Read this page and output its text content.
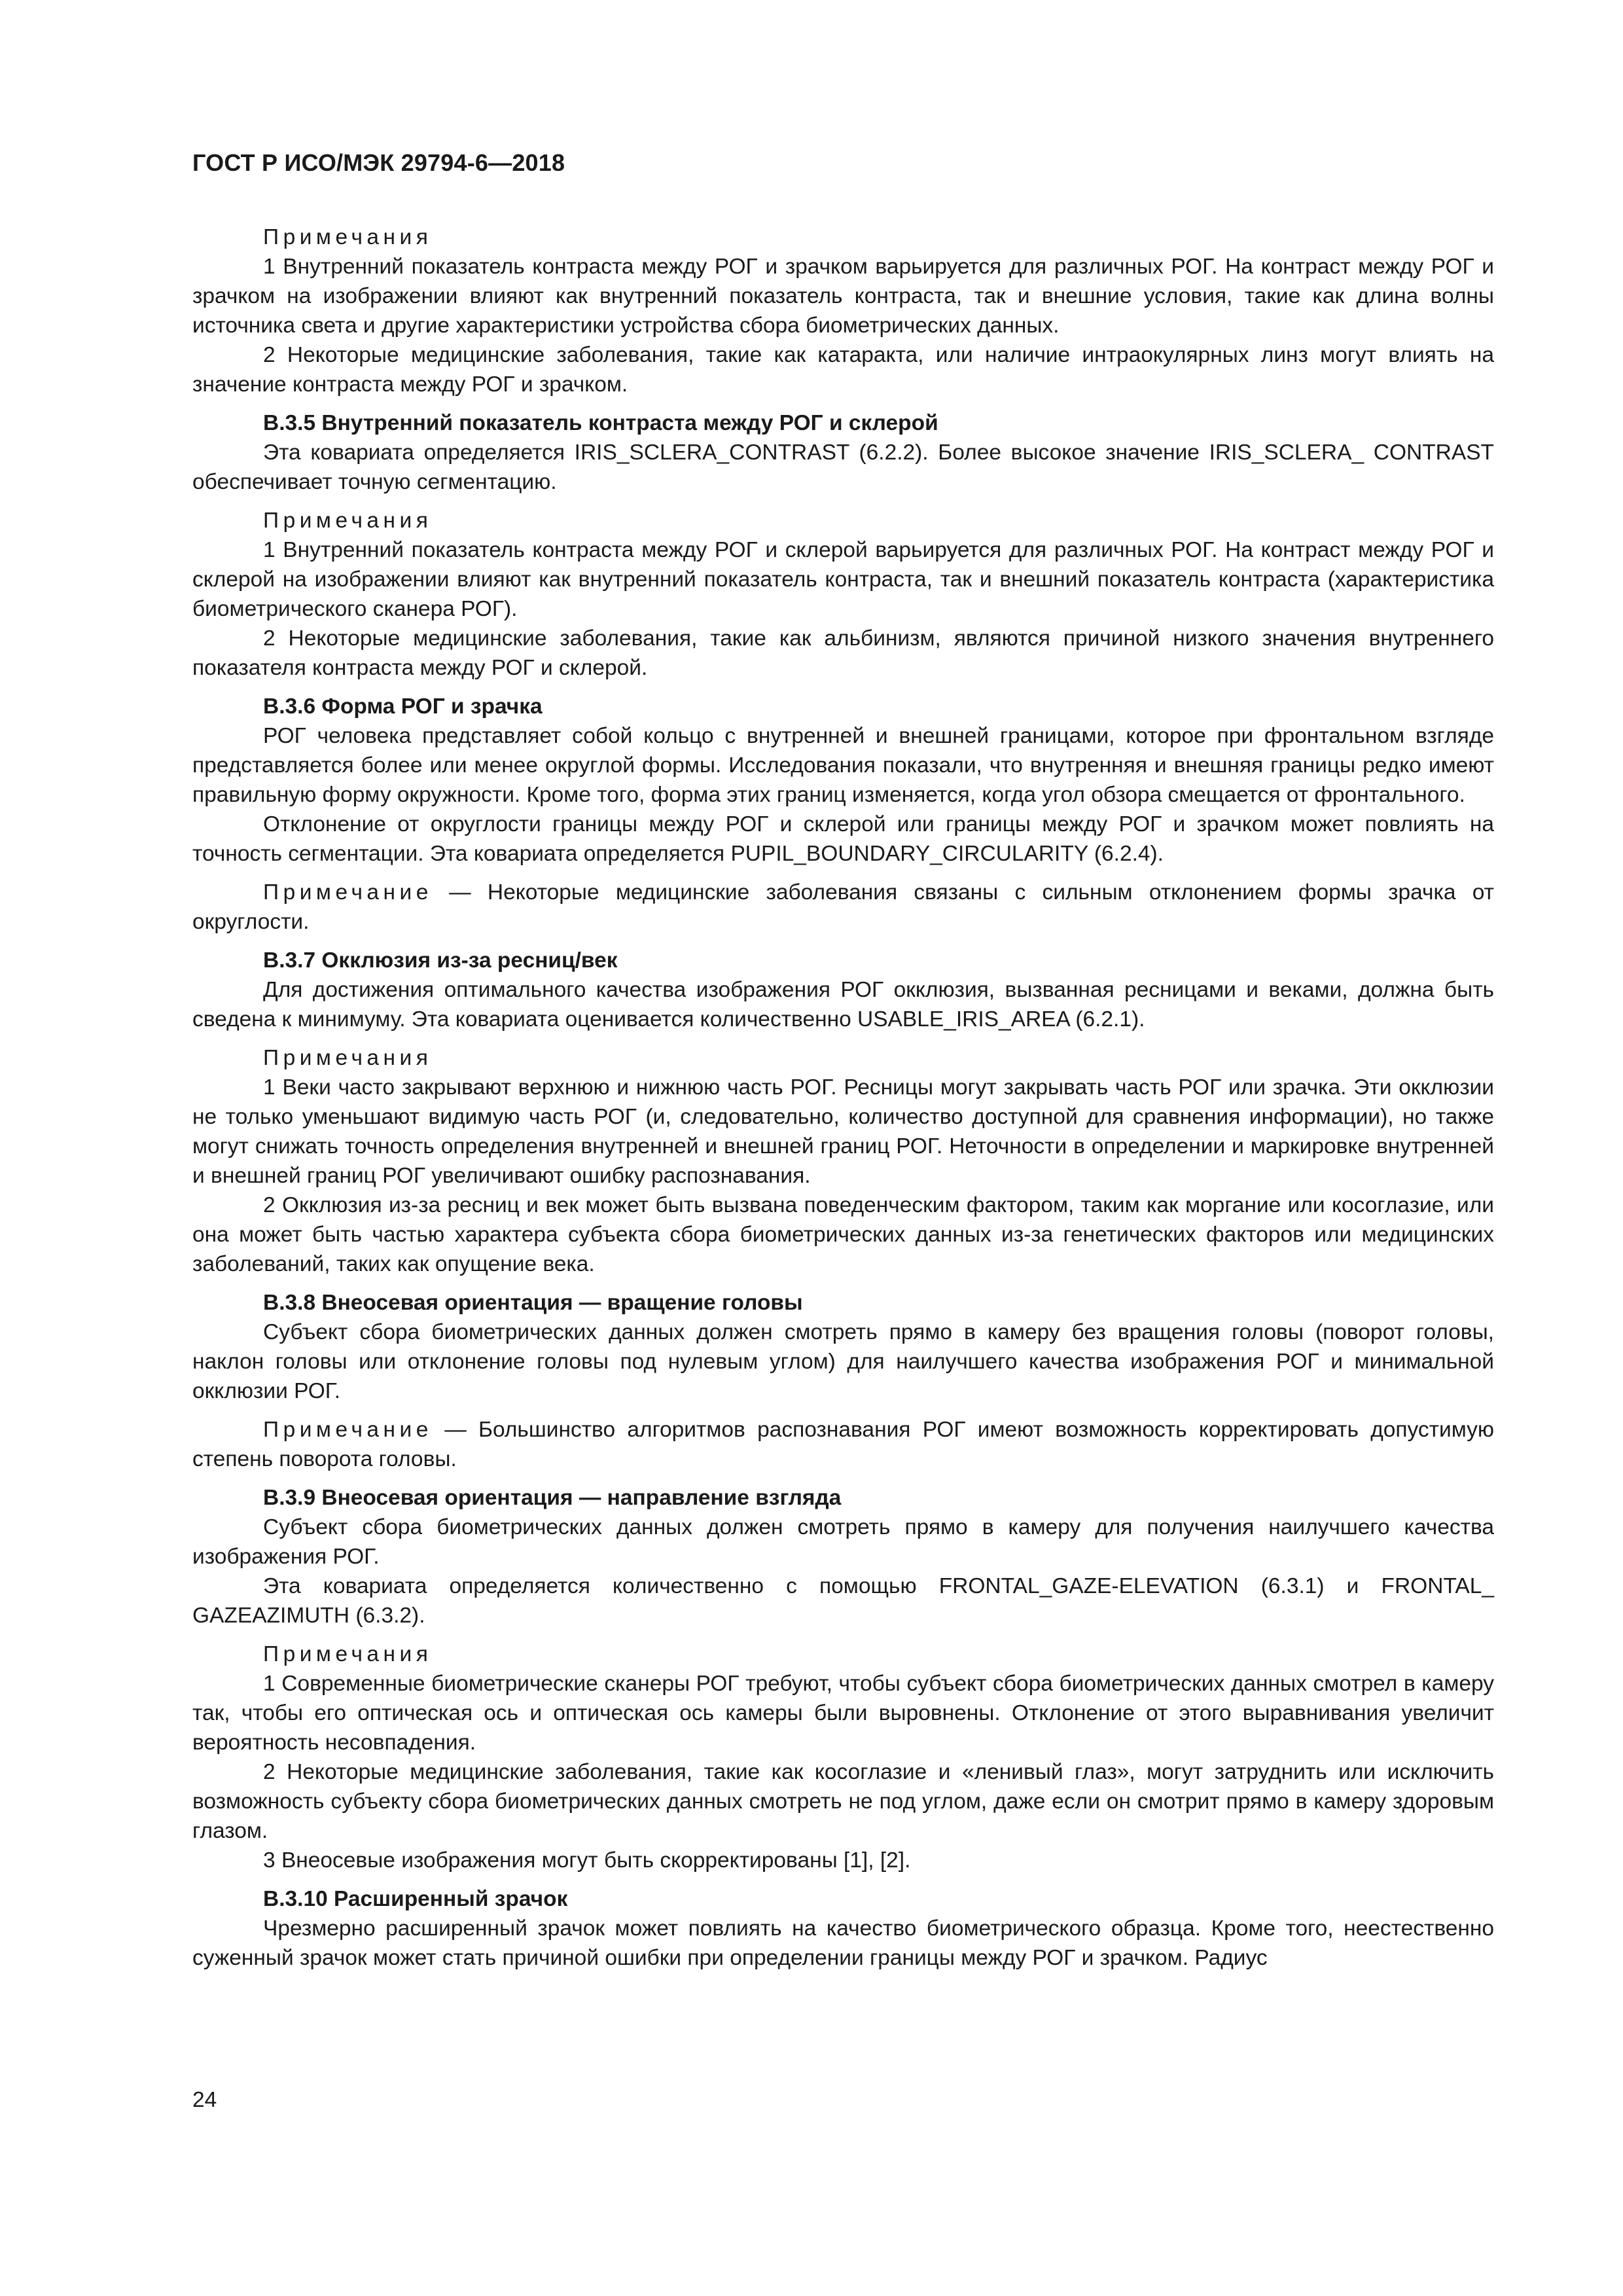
ГОСТ Р ИСО/МЭК 29794-6—2018

Примечания

1 Внутренний показатель контраста между РОГ и зрачком варьируется для различных РОГ. На контраст между РОГ и зрачком на изображении влияют как внутренний показатель контраста, так и внешние условия, такие как длина волны источника света и другие характеристики устройства сбора биометрических данных.

2 Некоторые медицинские заболевания, такие как катаракта, или наличие интраокулярных линз могут влиять на значение контраста между РОГ и зрачком.

В.3.5 Внутренний показатель контраста между РОГ и склерой

Эта ковариата определяется IRIS_SCLERA_CONTRAST (6.2.2). Более высокое значение IRIS_SCLERA_ CONTRAST обеспечивает точную сегментацию.

Примечания

1 Внутренний показатель контраста между РОГ и склерой варьируется для различных РОГ. На контраст между РОГ и склерой на изображении влияют как внутренний показатель контраста, так и внешний показатель контраста (характеристика биометрического сканера РОГ).

2 Некоторые медицинские заболевания, такие как альбинизм, являются причиной низкого значения внутреннего показателя контраста между РОГ и склерой.

В.3.6 Форма РОГ и зрачка

РОГ человека представляет собой кольцо с внутренней и внешней границами, которое при фронтальном взгляде представляется более или менее округлой формы. Исследования показали, что внутренняя и внешняя границы редко имеют правильную форму окружности. Кроме того, форма этих границ изменяется, когда угол обзора смещается от фронтального.

Отклонение от округлости границы между РОГ и склерой или границы между РОГ и зрачком может повлиять на точность сегментации. Эта ковариата определяется PUPIL_BOUNDARY_CIRCULARITY (6.2.4).

Примечание — Некоторые медицинские заболевания связаны с сильным отклонением формы зрачка от округлости.

В.3.7 Окклюзия из-за ресниц/век

Для достижения оптимального качества изображения РОГ окклюзия, вызванная ресницами и веками, должна быть сведена к минимуму. Эта ковариата оценивается количественно USABLE_IRIS_AREA (6.2.1).

Примечания

1 Веки часто закрывают верхнюю и нижнюю часть РОГ. Ресницы могут закрывать часть РОГ или зрачка. Эти окклюзии не только уменьшают видимую часть РОГ (и, следовательно, количество доступной для сравнения информации), но также могут снижать точность определения внутренней и внешней границ РОГ. Неточности в определении и маркировке внутренней и внешней границ РОГ увеличивают ошибку распознавания.

2 Окклюзия из-за ресниц и век может быть вызвана поведенческим фактором, таким как моргание или косоглазие, или она может быть частью характера субъекта сбора биометрических данных из-за генетических факторов или медицинских заболеваний, таких как опущение века.

В.3.8 Внеосевая ориентация — вращение головы

Субъект сбора биометрических данных должен смотреть прямо в камеру без вращения головы (поворот головы, наклон головы или отклонение головы под нулевым углом) для наилучшего качества изображения РОГ и минимальной окклюзии РОГ.

Примечание — Большинство алгоритмов распознавания РОГ имеют возможность корректировать допустимую степень поворота головы.

В.3.9 Внеосевая ориентация — направление взгляда

Субъект сбора биометрических данных должен смотреть прямо в камеру для получения наилучшего качества изображения РОГ.

Эта ковариата определяется количественно с помощью FRONTAL_GAZE-ELEVATION (6.3.1) и FRONTAL_ GAZEAZIMUTH (6.3.2).

Примечания

1 Современные биометрические сканеры РОГ требуют, чтобы субъект сбора биометрических данных смотрел в камеру так, чтобы его оптическая ось и оптическая ось камеры были выровнены. Отклонение от этого выравнивания увеличит вероятность несовпадения.

2 Некоторые медицинские заболевания, такие как косоглазие и «ленивый глаз», могут затруднить или исключить возможность субъекту сбора биометрических данных смотреть не под углом, даже если он смотрит прямо в камеру здоровым глазом.

3 Внеосевые изображения могут быть скорректированы [1], [2].

В.3.10 Расширенный зрачок

Чрезмерно расширенный зрачок может повлиять на качество биометрического образца. Кроме того, неестественно суженный зрачок может стать причиной ошибки при определении границы между РОГ и зрачком. Радиус

24
